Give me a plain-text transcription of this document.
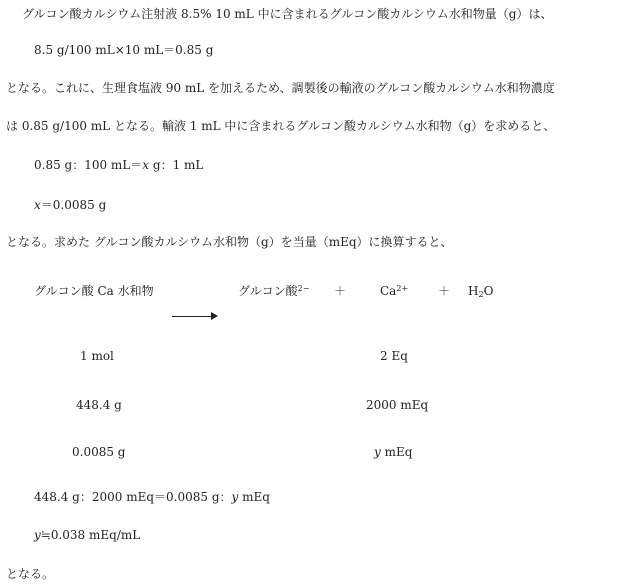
グルコン酸カルシウム注射液 8.5% 10 mL 中に含まれるグルコン酸カルシウム水和物量（g）は、
8.5 g/100 mL×10 mL＝0.85 g
となる。これに、生理食塩液 90 mL を加えるため、調製後の輸液のグルコン酸カルシウム水和物濃度
は 0.85 g/100 mL となる。輸液 1 mL 中に含まれるグルコン酸カルシウム水和物（g）を求めると、
0.85 g：100 mL＝x g：1 mL
x＝0.0085 g
となる。求めた グルコン酸カルシウム水和物（g）を当量（mEq）に換算すると、
グルコン酸 Ca 水和物	グルコン酸$^{2-}$ ＋	$Ca^{2+} + H_2O$
1 mol	2 Eq
448.4 g	2000 mEq
0.0085 g	y mEq
448.4 g：2000 mEq＝0.0085 g：y mEq
y≒0.038 mEq/mL
となる。
